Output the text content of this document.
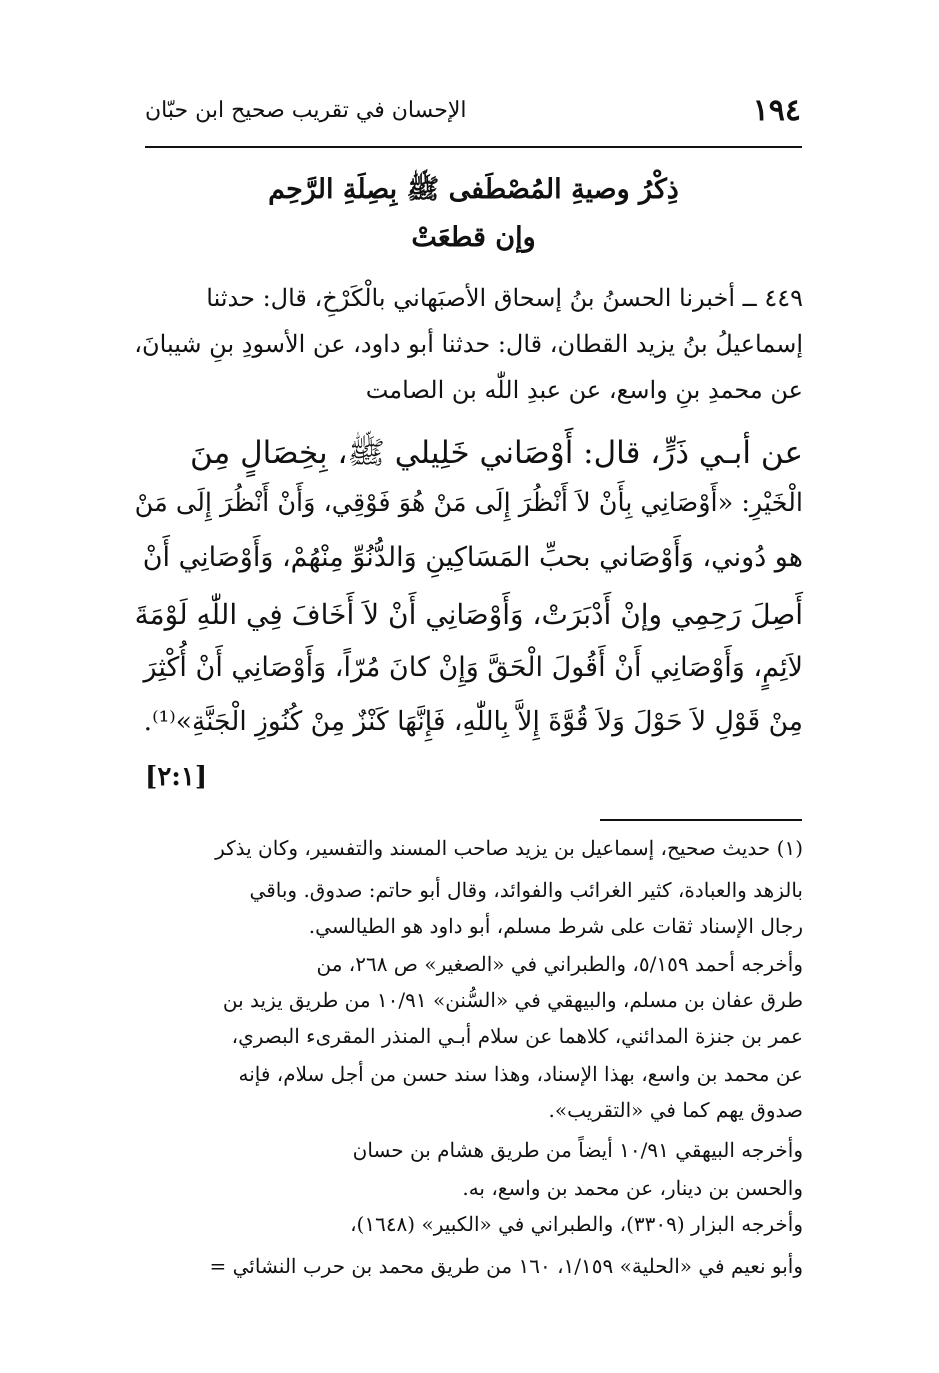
الإحسان في تقريب صحيح ابن حبّان	١٩٤
ذِكْرُ وصيةِ المُصْطَفى ﷺ بِصِلَةِ الرَّحِم
وإن قطعَتْ
٤٤٩ ــ أخبرنا الحسنُ بنُ إسحاق الأصبَهاني بالْكَرْخِ، قال: حدثنا
إسماعيلُ بنُ يزيد القطان، قال: حدثنا أبو داود، عن الأسودِ بنِ شيبانَ،
عن محمدِ بنِ واسع، عن عبدِ اللّٰه بن الصامت
عن أبـي ذَرٍّ، قال: أَوْصَاني خَلِيلي ﷺ، بِخِصَالٍ مِنَ
الْخَيْرِ: «أَوْصَانِي بِأَنْ لاَ أَنْظُرَ إِلَى مَنْ هُوَ فَوْقِي، وَأَنْ أَنْظُرَ إِلَى مَنْ
هو دُوني، وَأَوْصَاني بحبِّ المَسَاكِينِ وَالدُّنُوِّ مِنْهُمْ، وَأَوْصَانِي أَنْ
أَصِلَ رَحِمِي وإنْ أَدْبَرَتْ، وَأَوْصَانِي أَنْ لاَ أَخَافَ فِي اللّٰهِ لَوْمَةَ
لاَئِمٍ، وَأَوْصَانِي أَنْ أَقُولَ الْحَقَّ وَإِنْ كانَ مُرّاً، وَأَوْصَانِي أَنْ أُكْثِرَ
مِنْ قَوْلِ لاَ حَوْلَ وَلاَ قُوَّةَ إِلاَّ بِاللّٰهِ، فَإِنَّهَا كَنْزٌ مِنْ كُنُوزِ الْجَنَّةِ»⁽¹⁾.
[٢:١]
(١) حديث صحيح، إسماعيل بن يزيد صاحب المسند والتفسير، وكان يذكر
بالزهد والعبادة، كثير الغرائب والفوائد، وقال أبو حاتم: صدوق. وباقي
رجال الإسناد ثقات على شرط مسلم، أبو داود هو الطيالسي.
وأخرجه أحمد ٥/١٥٩، والطبراني في «الصغير» ص ٢٦٨، من
طرق عفان بن مسلم، والبيهقي في «السُّنن» ١٠/٩١ من طريق يزيد بن
عمر بن جنزة المدائني، كلاهما عن سلام أبـي المنذر المقرىء البصري،
عن محمد بن واسع، بهذا الإسناد، وهذا سند حسن من أجل سلام، فإنه
صدوق يهم كما في «التقريب».
وأخرجه البيهقي ١٠/٩١ أيضاً من طريق هشام بن حسان
والحسن بن دينار، عن محمد بن واسع، به.
وأخرجه البزار (٣٣٠٩)، والطبراني في «الكبير» (١٦٤٨)،
وأبو نعيم في «الحلية» ١/١٥٩، ١٦٠ من طريق محمد بن حرب النشائي =
